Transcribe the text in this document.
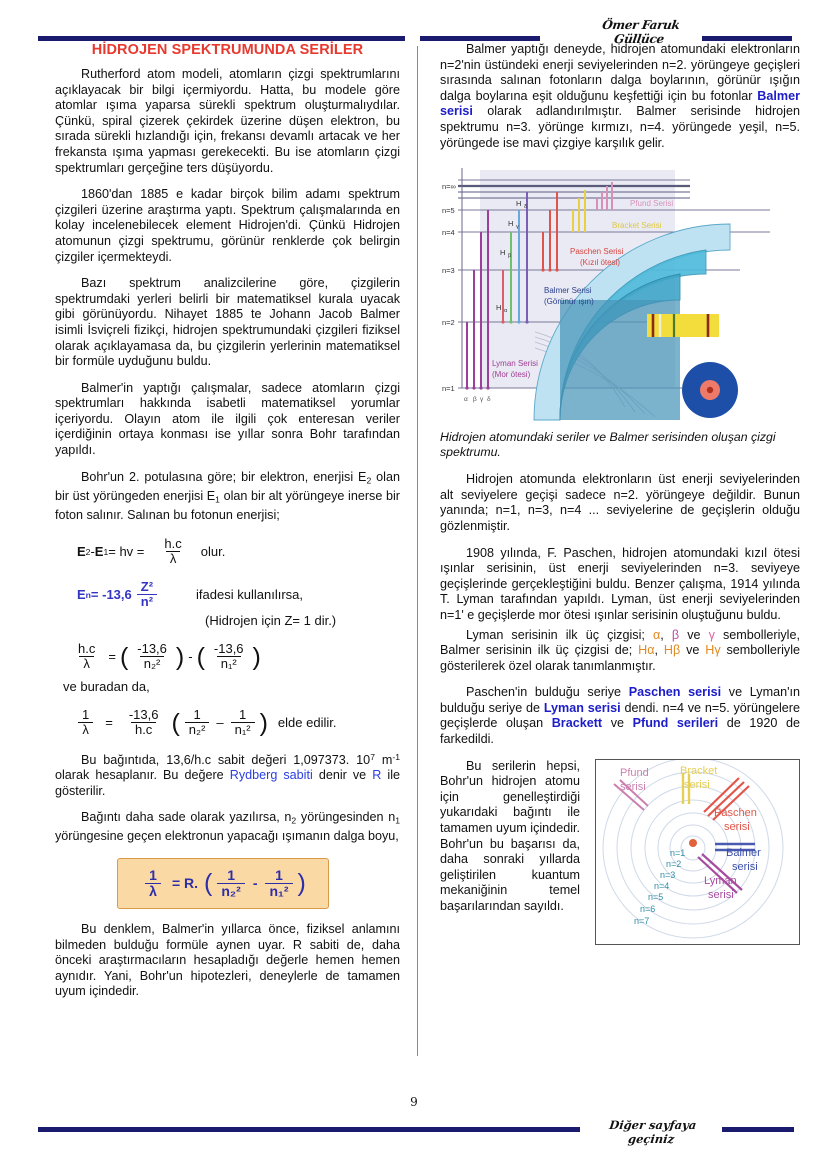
Ömer Faruk Güllüce
HİDROJEN SPEKTRUMUNDA SERİLER

Rutherford atom modeli, atomların çizgi spektrumlarını açıklayacak bir bilgi içermiyordu. Hatta, bu modele göre atomlar ışıma yaparsa sürekli spektrum oluşturmalıydılar. Çünkü, spiral çizerek çekirdek üzerine düşen elektron, bu sırada sürekli hızlandığı için, frekansı devamlı artacak ve her frekansta ışıma yapması gerekecekti. Bu ise atomların çizgi spektrumları gerçeğine ters düşüyordu.

1860'dan 1885 e kadar birçok bilim adamı spektrum çizgileri üzerine araştırma yaptı. Spektrum çalışmalarında en kolay incelenebilecek element Hidrojen'di. Çünkü Hidrojen atomunun çizgi spektrumu, görünür renklerde çok belirgin çizgiler içermekteydi.

Bazı spektrum analizcilerine göre, çizgilerin spektrumdaki yerleri belirli bir matematiksel kurala uyacak gibi görünüyordu. Nihayet 1885 te Johann Jacob Balmer isimli İsviçreli fizikçi, hidrojen spektrumundaki çizgileri fiziksel olarak açıklayamasa da, bu çizgilerin yerlerinin matematiksel bir formüle uyduğunu buldu.

Balmer'in yaptığı çalışmalar, sadece atomların çizgi spektrumları hakkında isabetli matematiksel yorumlar içeriyordu. Olayın atom ile ilgili çok enteresan veriler içerdiğinin ortaya konması ise yıllar sonra Bohr tarafından yapıldı.

Bohr'un 2. potulasına göre; bir elektron, enerjisi $E_2$ olan bir üst yörüngeden enerjisi $E_1$ olan bir alt yörüngeye inerse bir foton salınır. Salınan bu fotonun enerjisi;

E 2 - E 1 = hv = $\frac{h.c}{\lambda}$ olur.
E $n = -13,6 \frac{\text{Z²}}{\text{n²}}$	ifadesi kullanılırsa,
(Hidrojen için Z= 1 dir.)
$\frac{h.c}{\lambda}$ = ( $\frac{-13,6}{\text{n₂²}}$ ) - ( $\frac{-13,6}{\text{n₁²}}$ )
ve buradan da,
$\frac{1}{\lambda} = \frac{-13,6}{h.c}$ ( $\frac{1}{\text{n₂²}} - \frac{1}{\text{n₁²}}$ ) elde edilir.

Bu bağıntıda, 13,6/h.c sabit değeri 1,097373. $10^7$ $m^{-1}$ olarak hesaplanır. Bu değere Rydberg sabiti denir ve R ile gösterilir.

Bağıntı daha sade olarak yazılırsa, $n_2$ yörüngesinden $n_1$ yörüngesine geçen elektronun yapacağı ışımanın dalga boyu,

$\frac{1}{\lambda} = R$. ( $\frac{1}{\text{n₂²}} - \frac{1}{\text{n₁²}}$ )

Bu denklem, Balmer'in yıllarca önce, fiziksel anlamını bilmeden bulduğu formüle aynen uyar. R sabiti de, daha önceki araştırmacıların hesapladığı değerle hemen hemen aynıdır. Yani, Bohr'un hipotezleri, deneylerle de tamamen uyum içindedir.

Balmer yaptığı deneyde, hidrojen atomundaki elektronların n=2'nin üstündeki enerji seviyelerinden n=2. yörüngeye geçişleri sırasında salınan fotonların dalga boylarının, görünür ışığın dalga boylarına eşit olduğunu keşfettiği için bu fotonlar Balmer serisi olarak adlandırılmıştır. Balmer serisinde hidrojen spektrumu n=3. yörünge kırmızı, n=4. yörüngede yeşil, n=5. yörüngede ise mavi çizgiye karşılık gelir.

n=∞
n=5
n=4
n=3
n=2
n=1
α β γ δ
H δ
H γ
H β
H α
Pfund Serisi
Bracket Serisi
Paschen Serisi
(Kızıl ötesi)
Balmer Serisi
(Görünür ışın)
Lyman Serisi
(Mor ötesi)
Hidrojen atomundaki seriler ve Balmer serisinden oluşan çizgi spektrumu.

Hidrojen atomunda elektronların üst enerji seviyelerinden alt seviyelere geçişi sadece n=2. yörüngeye değildir. Bunun yanında; n=1, n=3, n=4 ... seviyelerine de geçişlerin olduğu gözlenmiştir.

1908 yılında, F. Paschen, hidrojen atomundaki kızıl ötesi ışınlar serisinin, üst enerji seviyelerinden n=3. seviyeye geçişlerinde gerçekleştiğini buldu. Benzer çalışma, 1914 yılında T. Lyman tarafından yapıldı. Lyman, üst enerji seviyelerinden n=1' e geçişlerde mor ötesi ışınlar serisinin oluştuğunu buldu.

Lyman serisinin ilk üç çizgisi; α, β ve γ sembolleriyle, Balmer serisinin ilk üç çizgisi de; Hα, Hβ ve Hγ sembolleriyle gösterilerek özel olarak tanımlanmıştır.

Paschen'in bulduğu seriye Paschen serisi ve Lyman'ın bulduğu seriye de Lyman serisi dendi. n=4 ve n=5. yörüngelere geçişlerde oluşan Brackett ve Pfund serileri de 1920 de farkedildi.

Bu serilerin hepsi, Bohr'un hidrojen atomu için genelleştirdiği yukarıdaki bağıntı ile tamamen uyum içindedir. Bohr'un bu başarısı da, daha sonraki yıllarda geliştirilen kuantum mekaniğinin temel başarılarından sayıldı.

Pfund
serisi
Bracket
serisi
Paschen
serisi
Balmer
serisi
Lyman
serisi
n=1
n=2
n=3
n=4
n=5
n=6
n=7
9
Diğer sayfaya geçiniz
